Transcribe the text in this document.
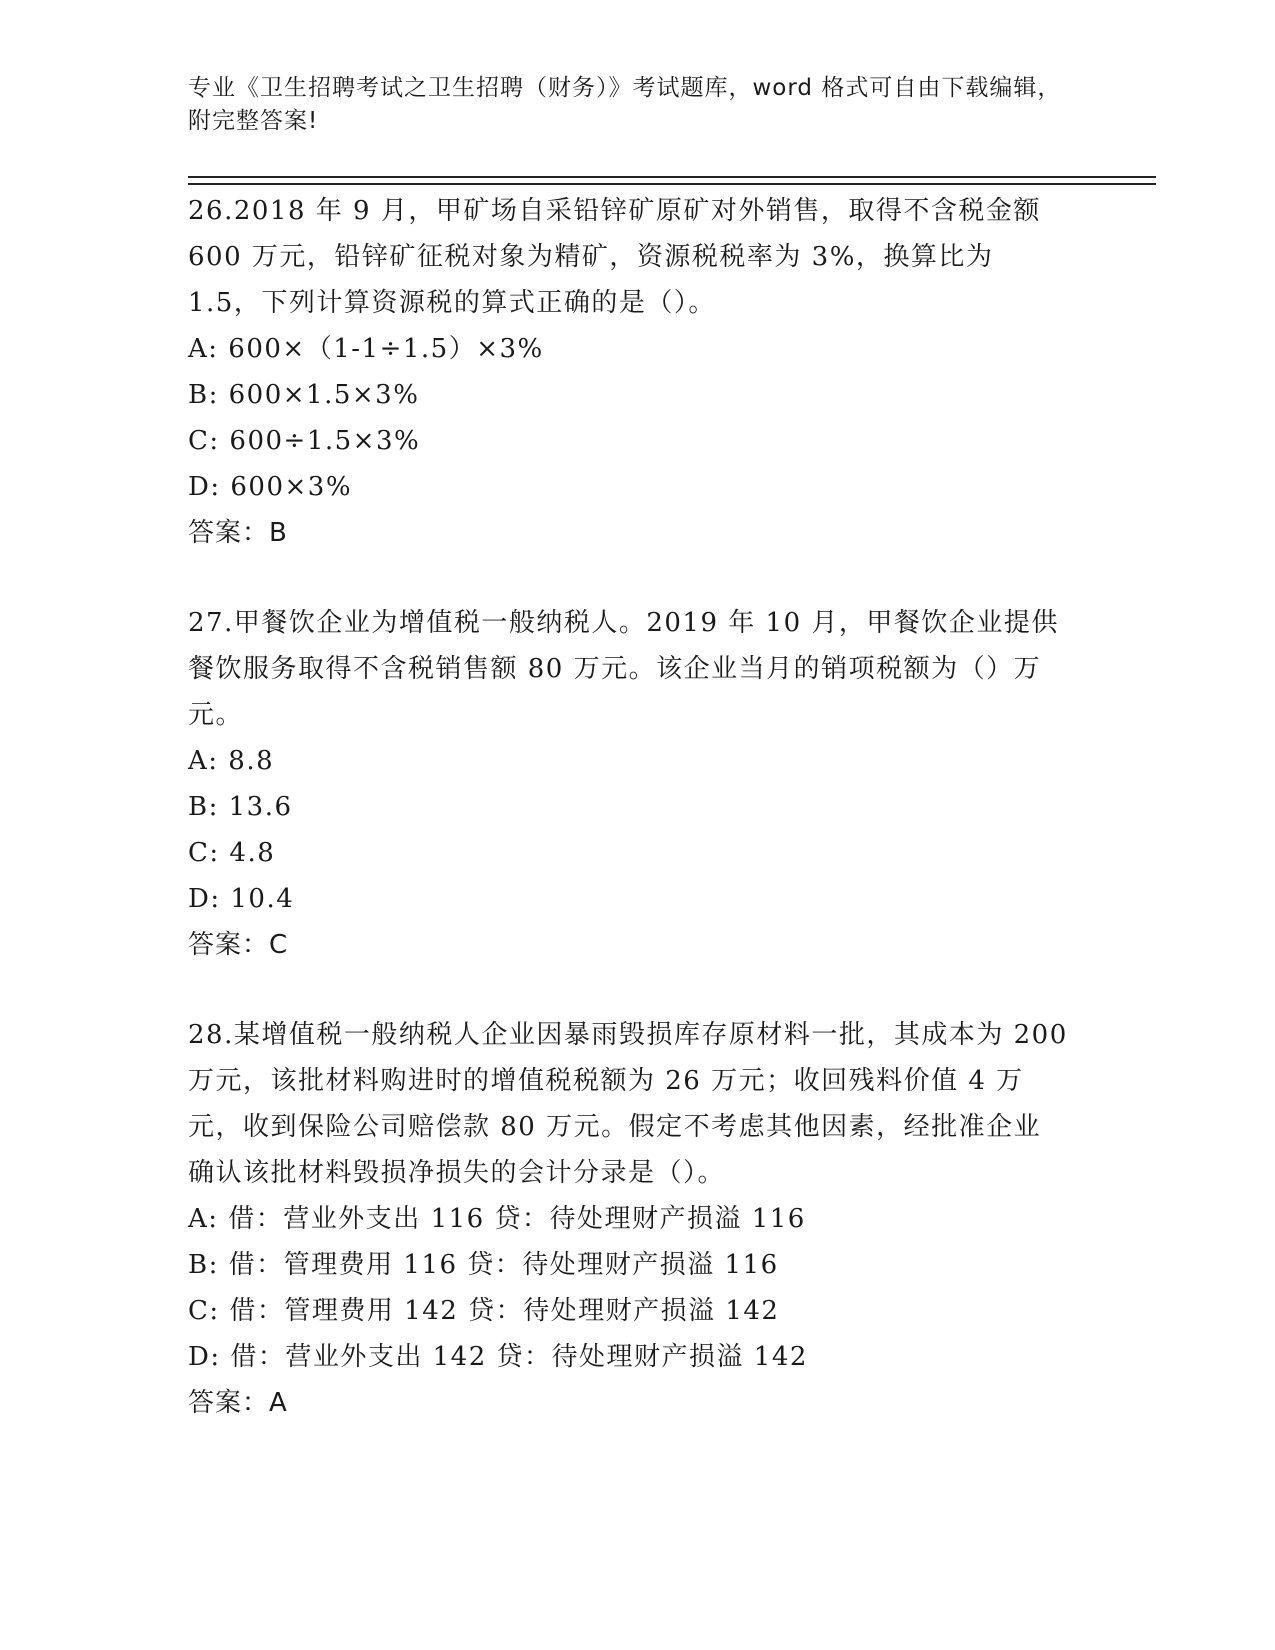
专业《卫生招聘考试之卫生招聘（财务）》考试题库，word 格式可自由下载编辑，附完整答案!

26.2018 年 9 月，甲矿场自采铅锌矿原矿对外销售，取得不含税金额 600 万元，铅锌矿征税对象为精矿，资源税税率为 3%，换算比为 1.5，下列计算资源税的算式正确的是（）。

A: 600×（1-1÷1.5）×3%

B: 600×1.5×3%

C: 600÷1.5×3%

D: 600×3%

答案：B

27.甲餐饮企业为增值税一般纳税人。2019 年 10 月，甲餐饮企业提供餐饮服务取得不含税销售额 80 万元。该企业当月的销项税额为（）万元。

A: 8.8

B: 13.6

C: 4.8

D: 10.4

答案：C

28.某增值税一般纳税人企业因暴雨毁损库存原材料一批，其成本为 200 万元，该批材料购进时的增值税税额为 26 万元；收回残料价值 4 万元，收到保险公司赔偿款 80 万元。假定不考虑其他因素，经批准企业确认该批材料毁损净损失的会计分录是（）。

A: 借：营业外支出 116 贷：待处理财产损溢 116

B: 借：管理费用 116 贷：待处理财产损溢 116

C: 借：管理费用 142 贷：待处理财产损溢 142

D: 借：营业外支出 142 贷：待处理财产损溢 142

答案：A
